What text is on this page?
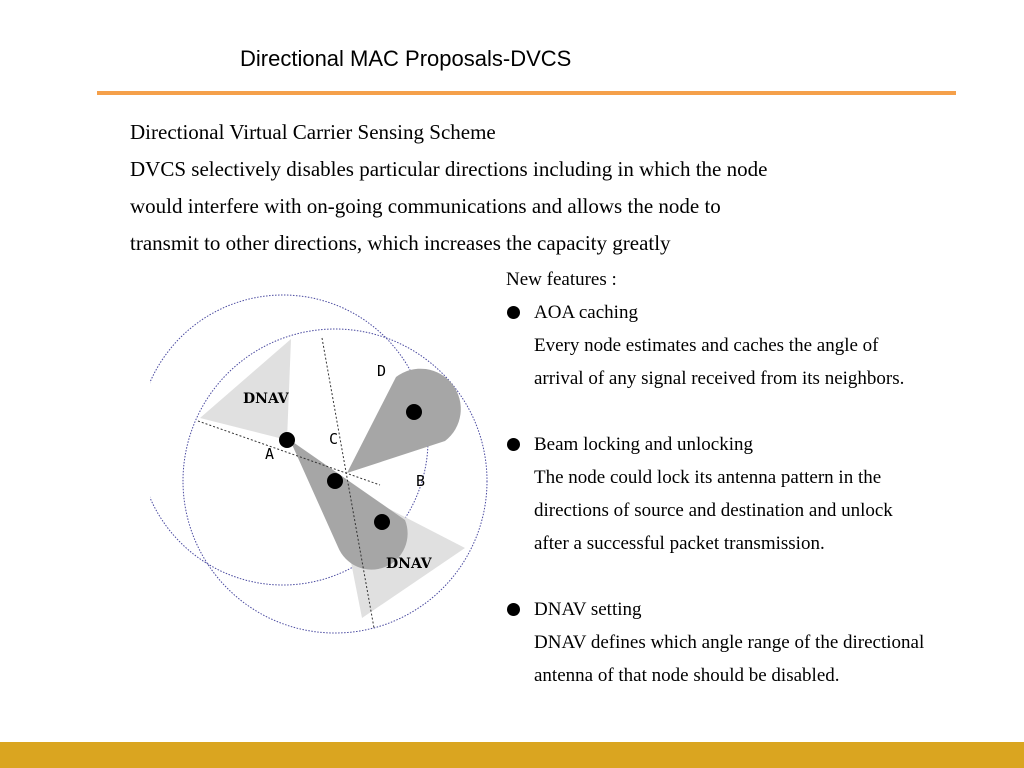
Directional MAC Proposals-DVCS
Directional Virtual Carrier Sensing Scheme
DVCS selectively disables particular directions including in which the node
would interfere with on-going communications and allows the node to
transmit to other directions, which increases the capacity greatly
DNAV
DNAV
A
C
D
B
New features :
AOA caching
Every node estimates and caches the angle of
arrival of any signal received from its neighbors.
Beam locking and unlocking
The node could lock its antenna pattern in the
directions of source and destination and unlock
after a successful packet transmission.
DNAV setting
DNAV defines which angle range of the directional
antenna of that node should be disabled.
